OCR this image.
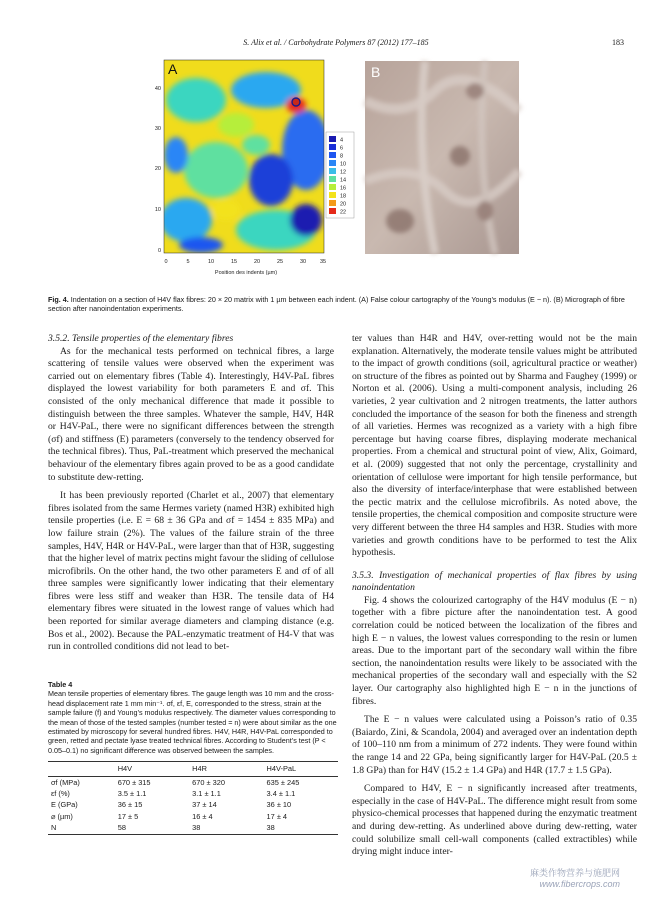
S. Alix et al. / Carbohydrate Polymers 87 (2012) 177–185	183
A
0
10
20
30
40
0	5	10	15	20	25	30	35
Position des indents (µm)
4
6
8
10
12
14
16
18
20
22
B
Fig. 4. Indentation on a section of H4V flax fibres: 20 × 20 matrix with 1 µm between each indent. (A) False colour cartography of the Young’s modulus (E − n). (B) Micrograph of fibre section after nanoindentation experiments.

3.5.2. Tensile properties of the elementary fibres

As for the mechanical tests performed on technical fibres, a large scattering of tensile values were observed when the experiment was carried out on elementary fibres (Table 4). Interestingly, H4V-PaL fibres displayed the lowest variability for both parameters E and σf. This consisted of the only mechanical difference that made it possible to distinguish between the three samples. Whatever the sample, H4V, H4R or H4V-PaL, there were no significant differences between the strength (σf) and stiffness (E) parameters (conversely to the tendency observed for the technical fibres). Thus, PaL-treatment which preserved the mechanical behaviour of the elementary fibres again proved to be as a good candidate to substitute dew-retting.

It has been previously reported (Charlet et al., 2007) that elementary fibres isolated from the same Hermes variety (named H3R) exhibited high tensile properties (i.e. E = 68 ± 36 GPa and σf = 1454 ± 835 MPa) and low failure strain (2%). The values of the failure strain of the three samples, H4V, H4R or H4V-PaL, were larger than that of H3R, suggesting that the higher level of matrix pectins might favour the sliding of cellulose microfibrils. On the other hand, the two other parameters E and σf of all three samples were significantly lower indicating that their elementary fibres were less stiff and weaker than H3R. The tensile data of H4 elementary fibres were situated in the lowest range of values which had been reported for similar average diameters and clamping distance (e.g. Bos et al., 2002). Because the PAL-enzymatic treatment of H4-V that was run in controlled conditions did not lead to bet-

Table 4
Mean tensile properties of elementary fibres. The gauge length was 10 mm and the cross-head displacement rate 1 mm min⁻¹. σf, εf, E, corresponded to the stress, strain at the sample failure (f) and Young’s modulus respectively. The diameter values corresponding to the mean of those of the tested samples (number tested = n) were about similar as the one estimated by microscopy for several hundred fibres. H4V, H4R, H4V-PaL corresponded to green, retted and pectate lyase treated technical fibres. According to Student’s test (P < 0.05–0.1) no significant difference was observed between the samples.
	H4V	H4R	H4V-PaL
σf (MPa)	670 ± 315	670 ± 320	635 ± 245
εf (%)	3.5 ± 1.1	3.1 ± 1.1	3.4 ± 1.1
E (GPa)	36 ± 15	37 ± 14	36 ± 10
⌀ (µm)	17 ± 5	16 ± 4	17 ± 4
N	58	38	38

ter values than H4R and H4V, over-retting would not be the main explanation. Alternatively, the moderate tensile values might be attributed to the impact of growth conditions (soil, agricultural practice or weather) on structure of the fibres as pointed out by Sharma and Faughey (1999) or Norton et al. (2006). Using a multi-component analysis, including 26 varieties, 2 year cultivation and 2 nitrogen treatments, the latter authors concluded the importance of the season for both the fineness and strength of all varieties. Hermes was recognized as a variety with a high fibre percentage but having coarse fibres, displaying moderate mechanical properties. From a chemical and structural point of view, Alix, Goimard, et al. (2009) suggested that not only the percentage, crystallinity and orientation of cellulose were important for high tensile performance, but also the diversity of interface/interphase that were established between the pectic matrix and the cellulose microfibrils. As noted above, the tensile properties, the chemical composition and composite structure were very different between the three H4 samples and H3R. Studies with more varieties and growth conditions have to be performed to test the Alix hypothesis.

3.5.3. Investigation of mechanical properties of flax fibres by using nanoindentation

Fig. 4 shows the colourized cartography of the H4V modulus (E − n) together with a fibre picture after the nanoindentation test. A good correlation could be noticed between the localization of the fibres and high E − n values, the lowest values corresponding to the resin or lumen areas. Due to the important part of the secondary wall within the fibre section, the nanoindentation results were likely to be associated with the mechanical properties of the secondary wall and especially with the S2 layer. Our cartography also highlighted high E − n in the junctions of fibres.

The E − n values were calculated using a Poisson’s ratio of 0.35 (Baiardo, Zini, & Scandola, 2004) and averaged over an indentation depth of 100–110 nm from a minimum of 272 indents. They were found within the range 14 and 22 GPa, being significantly larger for H4V-PaL (20.5 ± 1.8 GPa) than for H4V (15.2 ± 1.4 GPa) and H4R (17.7 ± 1.5 GPa).

Compared to H4V, E − n significantly increased after treatments, especially in the case of H4V-PaL. The difference might result from some physico-chemical processes that happened during the enzymatic treatment and during dew-retting. As underlined above during dew-retting, water could solubilize small cell-wall components (called extractibles) while drying might induce inter-

麻类作物营养与施肥网
www.fibercrops.com
